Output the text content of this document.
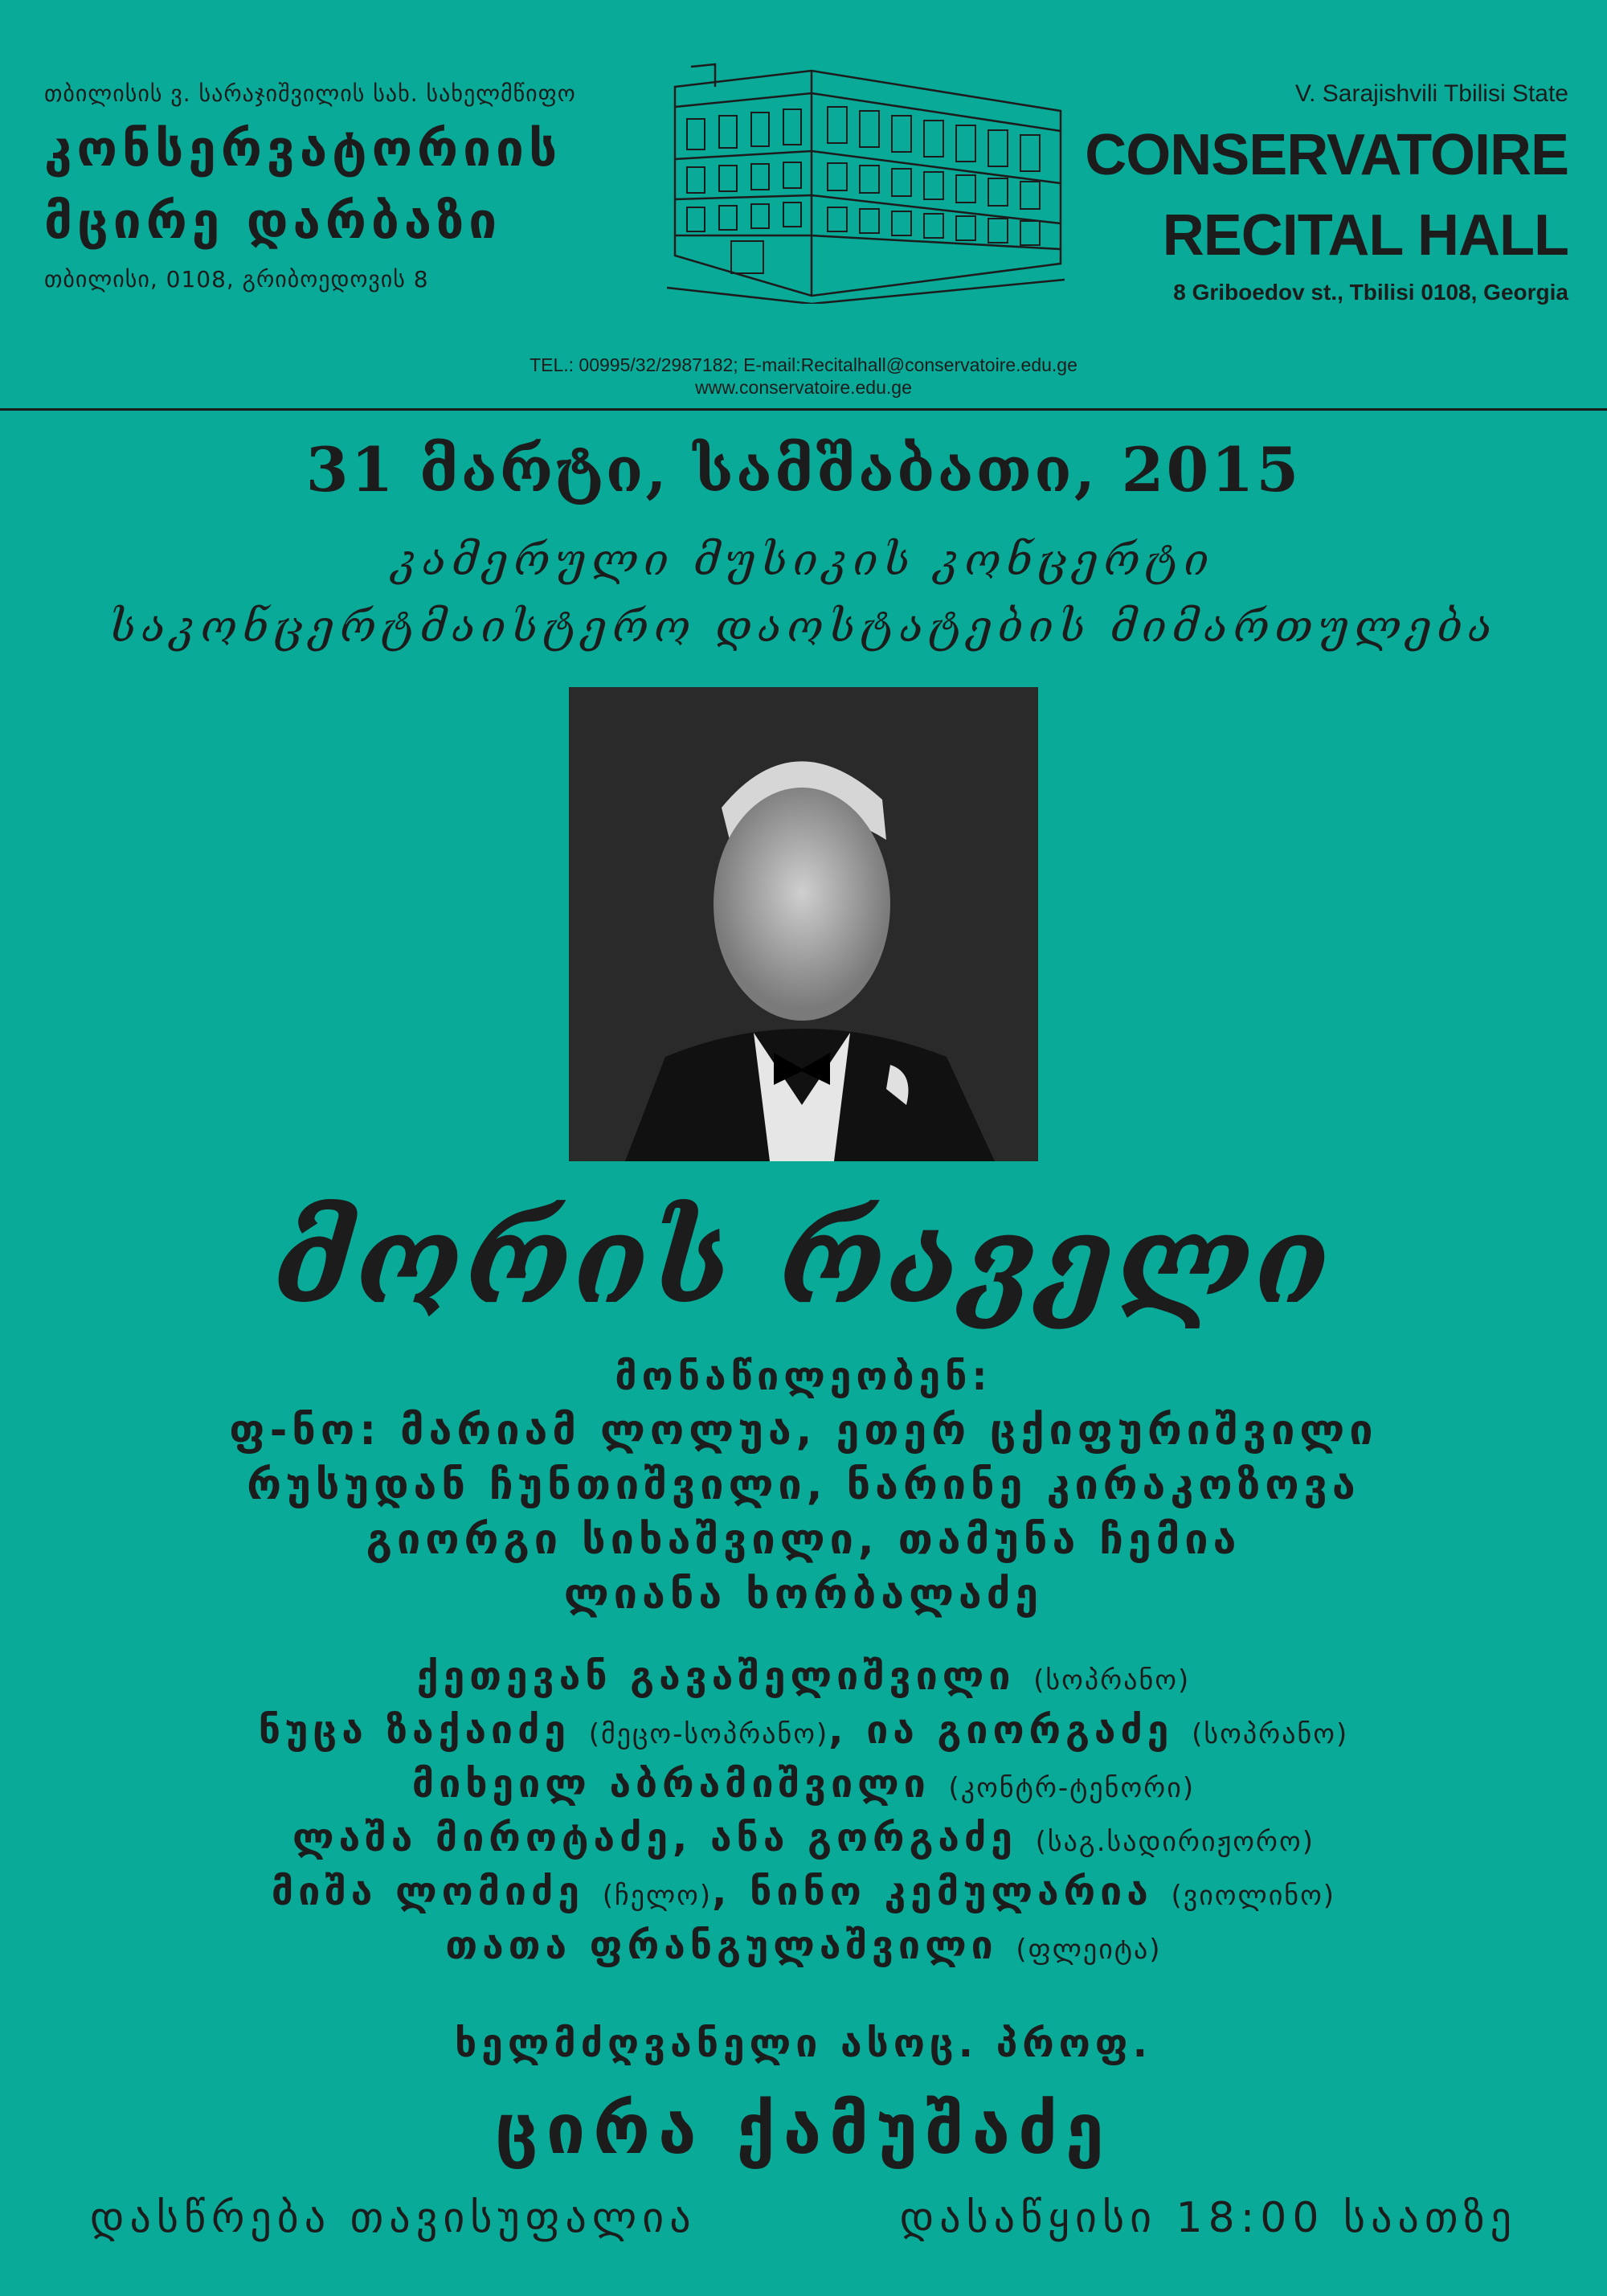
თბილისის ვ. სარაჯიშვილის სახ. სახელმწიფო
კონსერვატორიის
მცირე დარბაზი
თბილისი, 0108, გრიბოედოვის 8
V. Sarajishvili Tbilisi State
CONSERVATOIRE
RECITAL HALL
8 Griboedov st., Tbilisi 0108, Georgia
TEL.: 00995/32/2987182; E-mail:Recitalhall@conservatoire.edu.ge
www.conservatoire.edu.ge
31 მარტი, სამშაბათი, 2015
კამერული მუსიკის კონცერტი
საკონცერტმაისტერო დაოსტატების მიმართულება
მორის რაველი
მონაწილეობენ:
ფ-ნო: მარიამ ლოლუა, ეთერ ცქიფურიშვილი
რუსუდან ჩუნთიშვილი, ნარინე კირაკოზოვა
გიორგი სიხაშვილი, თამუნა ჩემია
ლიანა ხორბალაძე
ქეთევან გავაშელიშვილი (სოპრანო)
ნუცა ზაქაიძე (მეცო-სოპრანო), ია გიორგაძე (სოპრანო)
მიხეილ აბრამიშვილი (კონტრ-ტენორი)
ლაშა მიროტაძე, ანა გორგაძე (საგ.სადირიჟორო)
მიშა ლომიძე (ჩელო), ნინო კემულარია (ვიოლინო)
თათა ფრანგულაშვილი (ფლეიტა)
ხელმძღვანელი ასოც. პროფ.
ცირა ქამუშაძე
დასწრება თავისუფალია	დასაწყისი 18:00 საათზე
